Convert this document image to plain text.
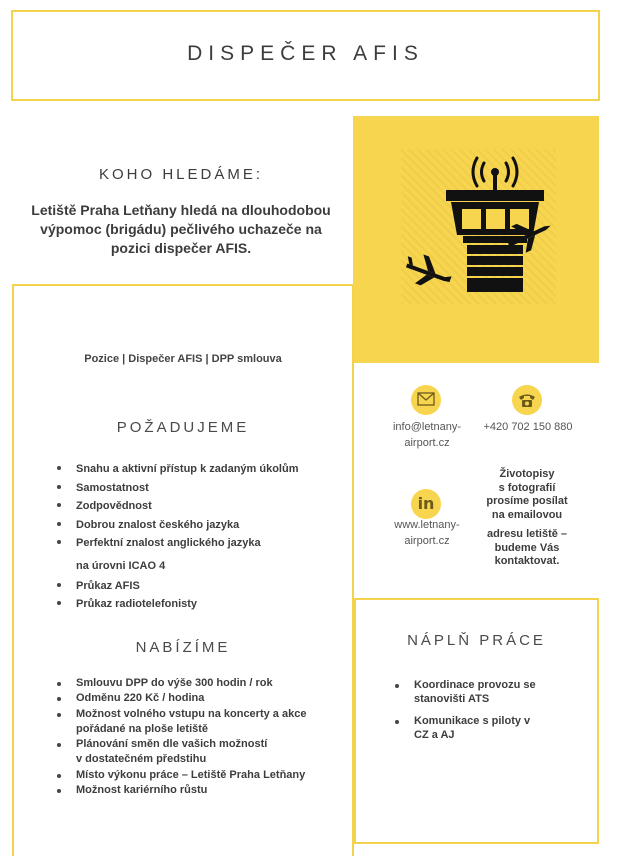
DISPEČER AFIS
KOHO HLEDÁME:
Letiště Praha Letňany hledá na dlouhodobou
výpomoc (brigádu) pečlivého uchazeče na
pozici dispečer AFIS.
Pozice | Dispečer AFIS | DPP smlouva
POŽADUJEME
Snahu a aktivní přístup k zadaným úkolům
Samostatnost
Zodpovědnost
Dobrou znalost českého jazyka
Perfektní znalost anglického jazyka
na úrovni ICAO 4
Průkaz AFIS
Průkaz radiotelefonisty
NABÍZÍME
Smlouvu DPP do výše 300 hodin / rok
Odměnu 220 Kč / hodina
Možnost volného vstupu na koncerty a akce
pořádané na ploše letiště
Plánování směn dle vašich možností
v dostatečném předstihu
Místo výkonu práce – Letiště Praha Letňany
Možnost kariérního růstu
in
info@letnany-
airport.cz
+420 702 150 880
www.letnany-
airport.cz
Životopisy
s fotografií
prosíme posílat
na emailovou
adresu letiště –
budeme Vás
kontaktovat.
NÁPLŇ PRÁCE
Koordinace provozu se
stanovišti ATS
Komunikace s piloty v
CZ a AJ
